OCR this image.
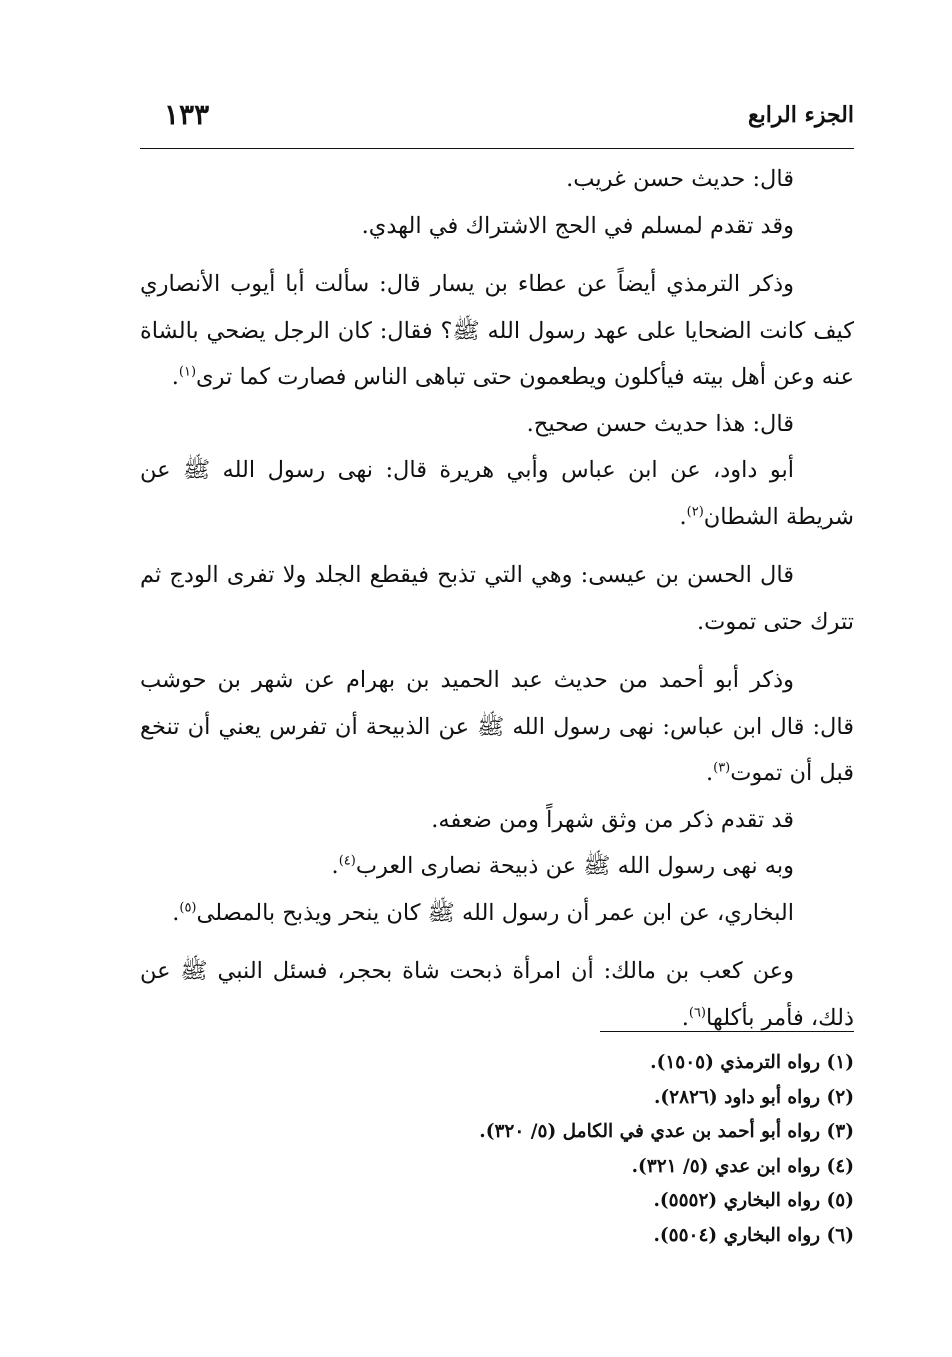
الجزء الرابع
١٣٣

قال: حديث حسن غريب.

وقد تقدم لمسلم في الحج الاشتراك في الهدي.

وذكر الترمذي أيضاً عن عطاء بن يسار قال: سألت أبا أيوب الأنصاري كيف كانت الضحايا على عهد رسول الله ﷺ؟ فقال: كان الرجل يضحي بالشاة عنه وعن أهل بيته فيأكلون ويطعمون حتى تباهى الناس فصارت كما ترى$^{(١)}$.

قال: هذا حديث حسن صحيح.

أبو داود، عن ابن عباس وأبي هريرة قال: نهى رسول الله ﷺ عن شريطة الشطان$^{(٢)}$.

قال الحسن بن عيسى: وهي التي تذبح فيقطع الجلد ولا تفرى الودج ثم تترك حتى تموت.

وذكر أبو أحمد من حديث عبد الحميد بن بهرام عن شهر بن حوشب قال: قال ابن عباس: نهى رسول الله ﷺ عن الذبيحة أن تفرس يعني أن تنخع قبل أن تموت$^{(٣)}$.

قد تقدم ذكر من وثق شهراً ومن ضعفه.

وبه نهى رسول الله ﷺ عن ذبيحة نصارى العرب$^{(٤)}$.

البخاري، عن ابن عمر أن رسول الله ﷺ كان ينحر ويذبح بالمصلى$^{(٥)}$.

وعن كعب بن مالك: أن امرأة ذبحت شاة بحجر، فسئل النبي ﷺ عن ذلك، فأمر بأكلها$^{(٦)}$.

(١) رواه الترمذي (١٥٠٥).
(٢) رواه أبو داود (٢٨٢٦).
(٣) رواه أبو أحمد بن عدي في الكامل (٥/ ٣٢٠).
(٤) رواه ابن عدي (٥/ ٣٢١).
(٥) رواه البخاري (٥٥٥٢).
(٦) رواه البخاري (٥٥٠٤).
